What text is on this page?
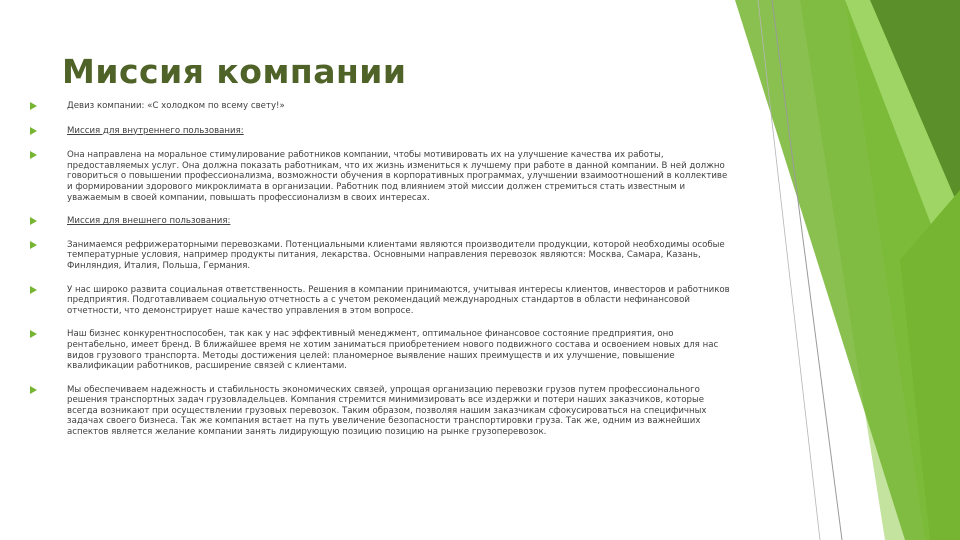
Миссия компании
Девиз компании: «С холодком по всему свету!»
Миссия для внутреннего пользования:
Она направлена на моральное стимулирование работников компании, чтобы мотивировать их на улучшение качества их работы, предоставляемых услуг. Она должна показать работникам, что их жизнь измениться к лучшему при работе в данной компании. В ней должно говориться о повышении профессионализма, возможности обучения в корпоративных программах, улучшении взаимоотношений в коллективе и формировании здорового микроклимата в организации. Работник под влиянием этой миссии должен стремиться стать известным и уважаемым в своей компании, повышать профессионализм в своих интересах.
Миссия для внешнего пользования:
Занимаемся рефрижераторными перевозками. Потенциальными клиентами являются производители продукции, которой необходимы особые температурные условия, например продукты питания, лекарства. Основными направления перевозок являются: Москва, Самара, Казань, Финляндия, Италия, Польша, Германия.
У нас широко развита социальная ответственность. Решения в компании принимаются, учитывая интересы клиентов, инвесторов и работников предприятия. Подготавливаем социальную отчетность а с учетом рекомендаций международных стандартов в области нефинансовой отчетности, что демонстрирует наше качество управления в этом вопросе.
Наш бизнес конкурентноспособен, так как у нас эффективный менеджмент, оптимальное финансовое состояние предприятия, оно рентабельно, имеет бренд. В ближайшее время не хотим заниматься приобретением нового подвижного состава и освоением новых для нас видов грузового транспорта. Методы достижения целей: планомерное выявление наших преимуществ и их улучшение, повышение квалификации работников, расширение связей с клиентами.
Мы обеспечиваем надежность и стабильность экономических связей, упрощая организацию перевозки грузов путем профессионального решения транспортных задач грузовладельцев. Компания стремится минимизировать все издержки и потери наших заказчиков, которые всегда возникают при осуществлении грузовых перевозок. Таким образом, позволяя нашим заказчикам сфокусироваться на специфичных задачах своего бизнеса. Так же компания встает на путь увеличение безопасности транспортировки груза. Так же, одним из важнейших аспектов является желание компании занять лидирующую позицию позицию на рынке грузоперевозок.
